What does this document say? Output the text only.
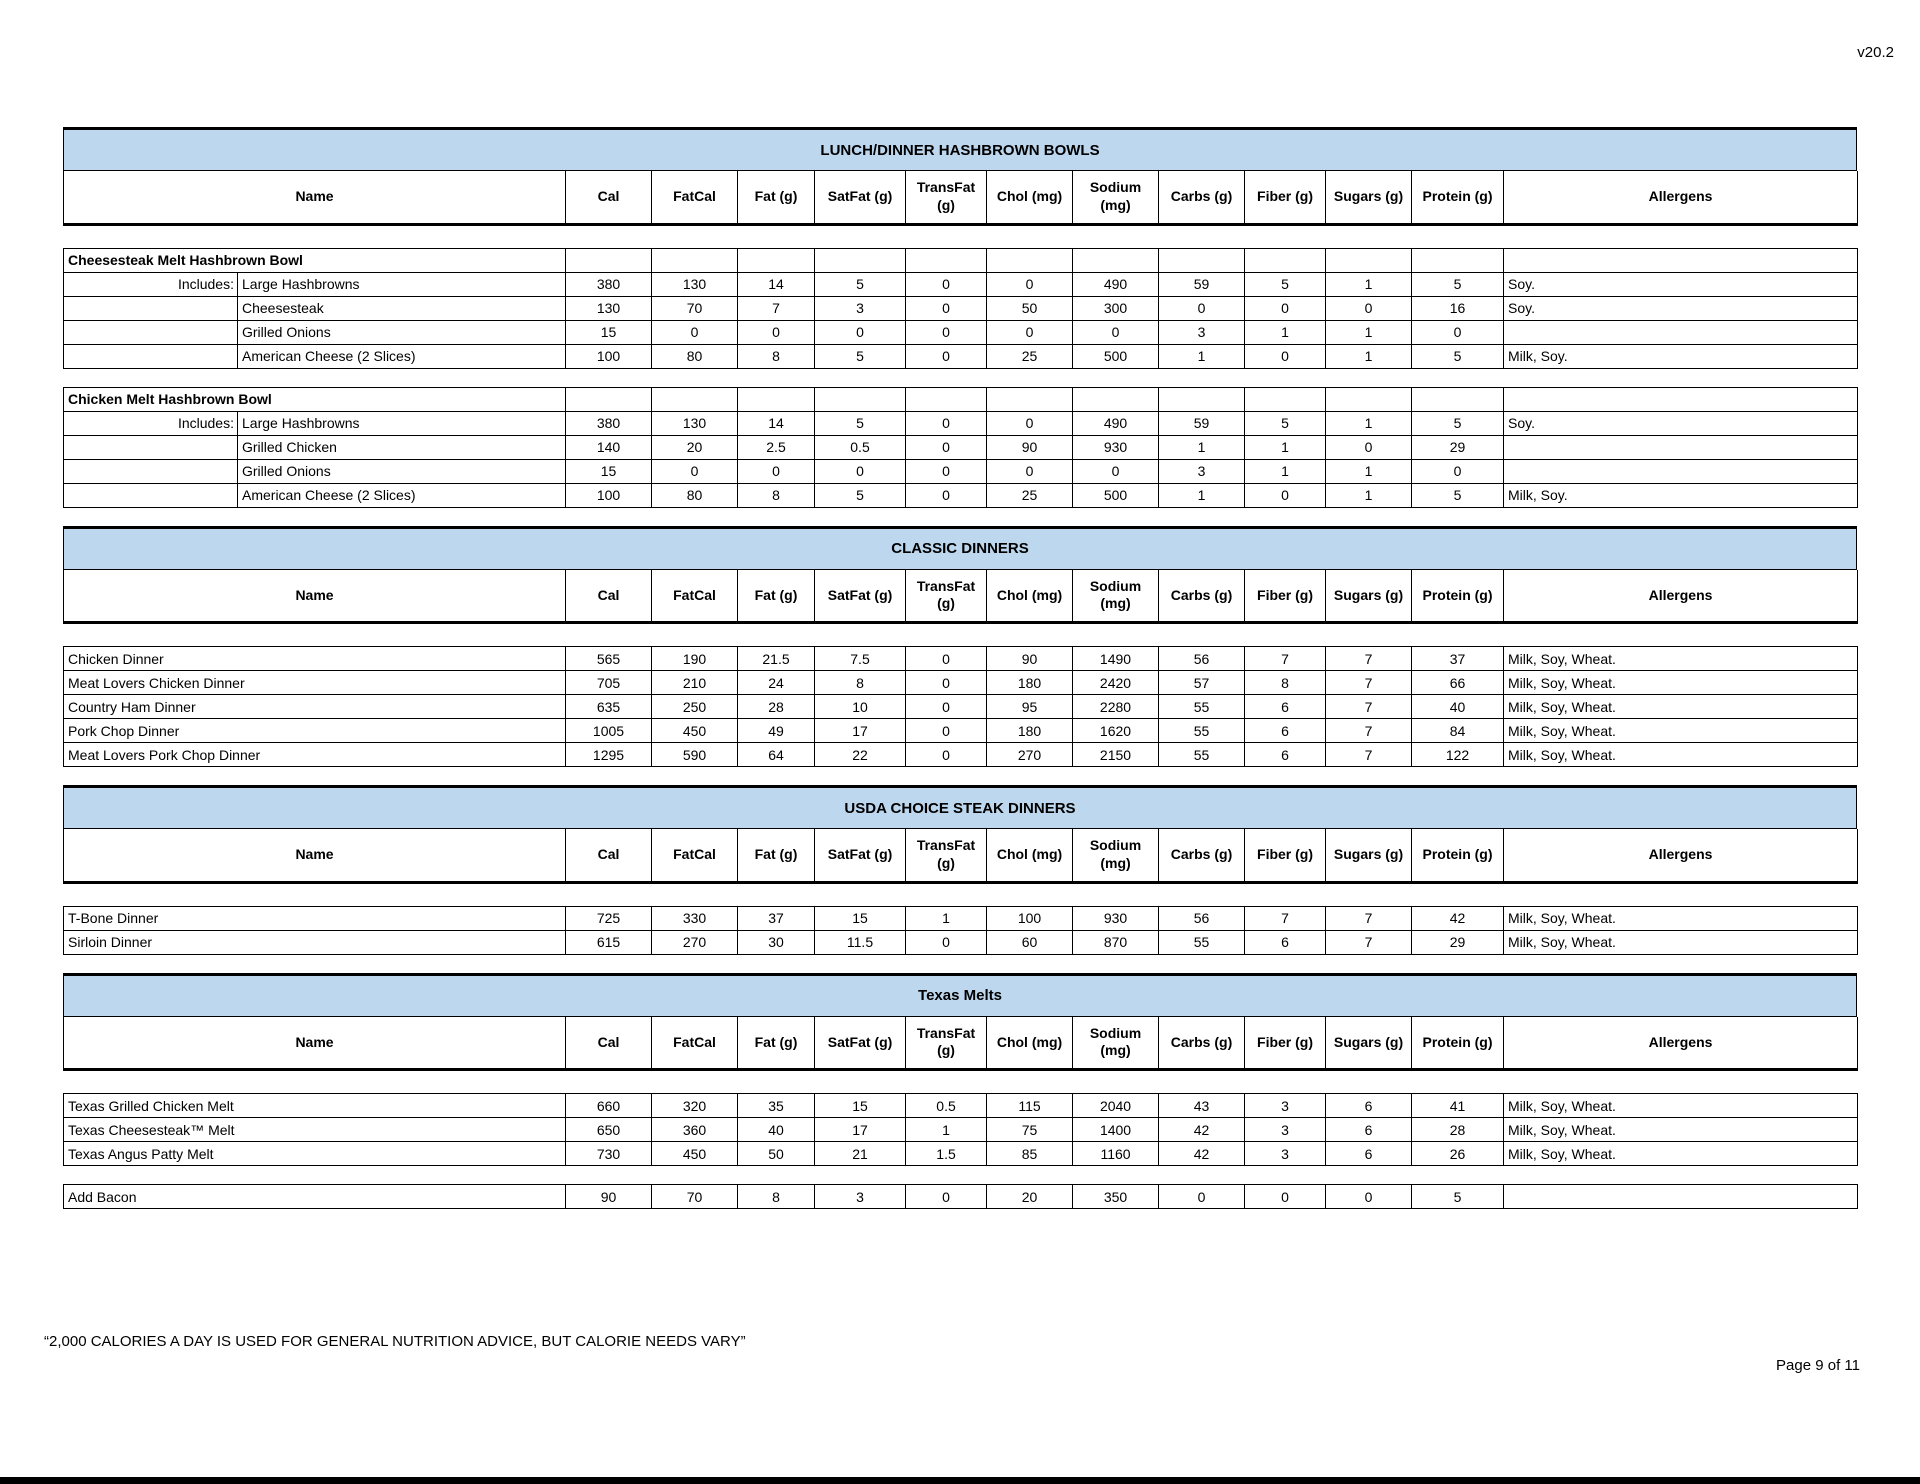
v20.2
LUNCH/DINNER HASHBROWN BOWLS
Name	Cal	FatCal	Fat (g)	SatFat (g)	TransFat (g)	Chol (mg)	Sodium (mg)	Carbs (g)	Fiber (g)	Sugars (g)	Protein (g)	Allergens
Cheesesteak Melt Hashbrown Bowl													
Includes:	Large Hashbrowns	380	130	14	5	0	0	490	59	5	1	5	Soy.
	Cheesesteak	130	70	7	3	0	50	300	0	0	0	16	Soy.
	Grilled Onions	15	0	0	0	0	0	0	3	1	1	0	
	American Cheese (2 Slices)	100	80	8	5	0	25	500	1	0	1	5	Milk, Soy.
Chicken Melt Hashbrown Bowl													
Includes:	Large Hashbrowns	380	130	14	5	0	0	490	59	5	1	5	Soy.
	Grilled Chicken	140	20	2.5	0.5	0	90	930	1	1	0	29	
	Grilled Onions	15	0	0	0	0	0	0	3	1	1	0	
	American Cheese (2 Slices)	100	80	8	5	0	25	500	1	0	1	5	Milk, Soy.
CLASSIC DINNERS
Name	Cal	FatCal	Fat (g)	SatFat (g)	TransFat (g)	Chol (mg)	Sodium (mg)	Carbs (g)	Fiber (g)	Sugars (g)	Protein (g)	Allergens
Chicken Dinner	565	190	21.5	7.5	0	90	1490	56	7	7	37	Milk, Soy, Wheat.
Meat Lovers Chicken Dinner	705	210	24	8	0	180	2420	57	8	7	66	Milk, Soy, Wheat.
Country Ham Dinner	635	250	28	10	0	95	2280	55	6	7	40	Milk, Soy, Wheat.
Pork Chop Dinner	1005	450	49	17	0	180	1620	55	6	7	84	Milk, Soy, Wheat.
Meat Lovers Pork Chop Dinner	1295	590	64	22	0	270	2150	55	6	7	122	Milk, Soy, Wheat.
USDA CHOICE STEAK DINNERS
Name	Cal	FatCal	Fat (g)	SatFat (g)	TransFat (g)	Chol (mg)	Sodium (mg)	Carbs (g)	Fiber (g)	Sugars (g)	Protein (g)	Allergens
T-Bone Dinner	725	330	37	15	1	100	930	56	7	7	42	Milk, Soy, Wheat.
Sirloin Dinner	615	270	30	11.5	0	60	870	55	6	7	29	Milk, Soy, Wheat.
Texas Melts
Name	Cal	FatCal	Fat (g)	SatFat (g)	TransFat (g)	Chol (mg)	Sodium (mg)	Carbs (g)	Fiber (g)	Sugars (g)	Protein (g)	Allergens
Texas Grilled Chicken Melt	660	320	35	15	0.5	115	2040	43	3	6	41	Milk, Soy, Wheat.
Texas Cheesesteak™ Melt	650	360	40	17	1	75	1400	42	3	6	28	Milk, Soy, Wheat.
Texas Angus Patty Melt	730	450	50	21	1.5	85	1160	42	3	6	26	Milk, Soy, Wheat.
Add Bacon	90	70	8	3	0	20	350	0	0	0	5	
“2,000 CALORIES A DAY IS USED FOR GENERAL NUTRITION ADVICE, BUT CALORIE NEEDS VARY”
Page 9 of 11
